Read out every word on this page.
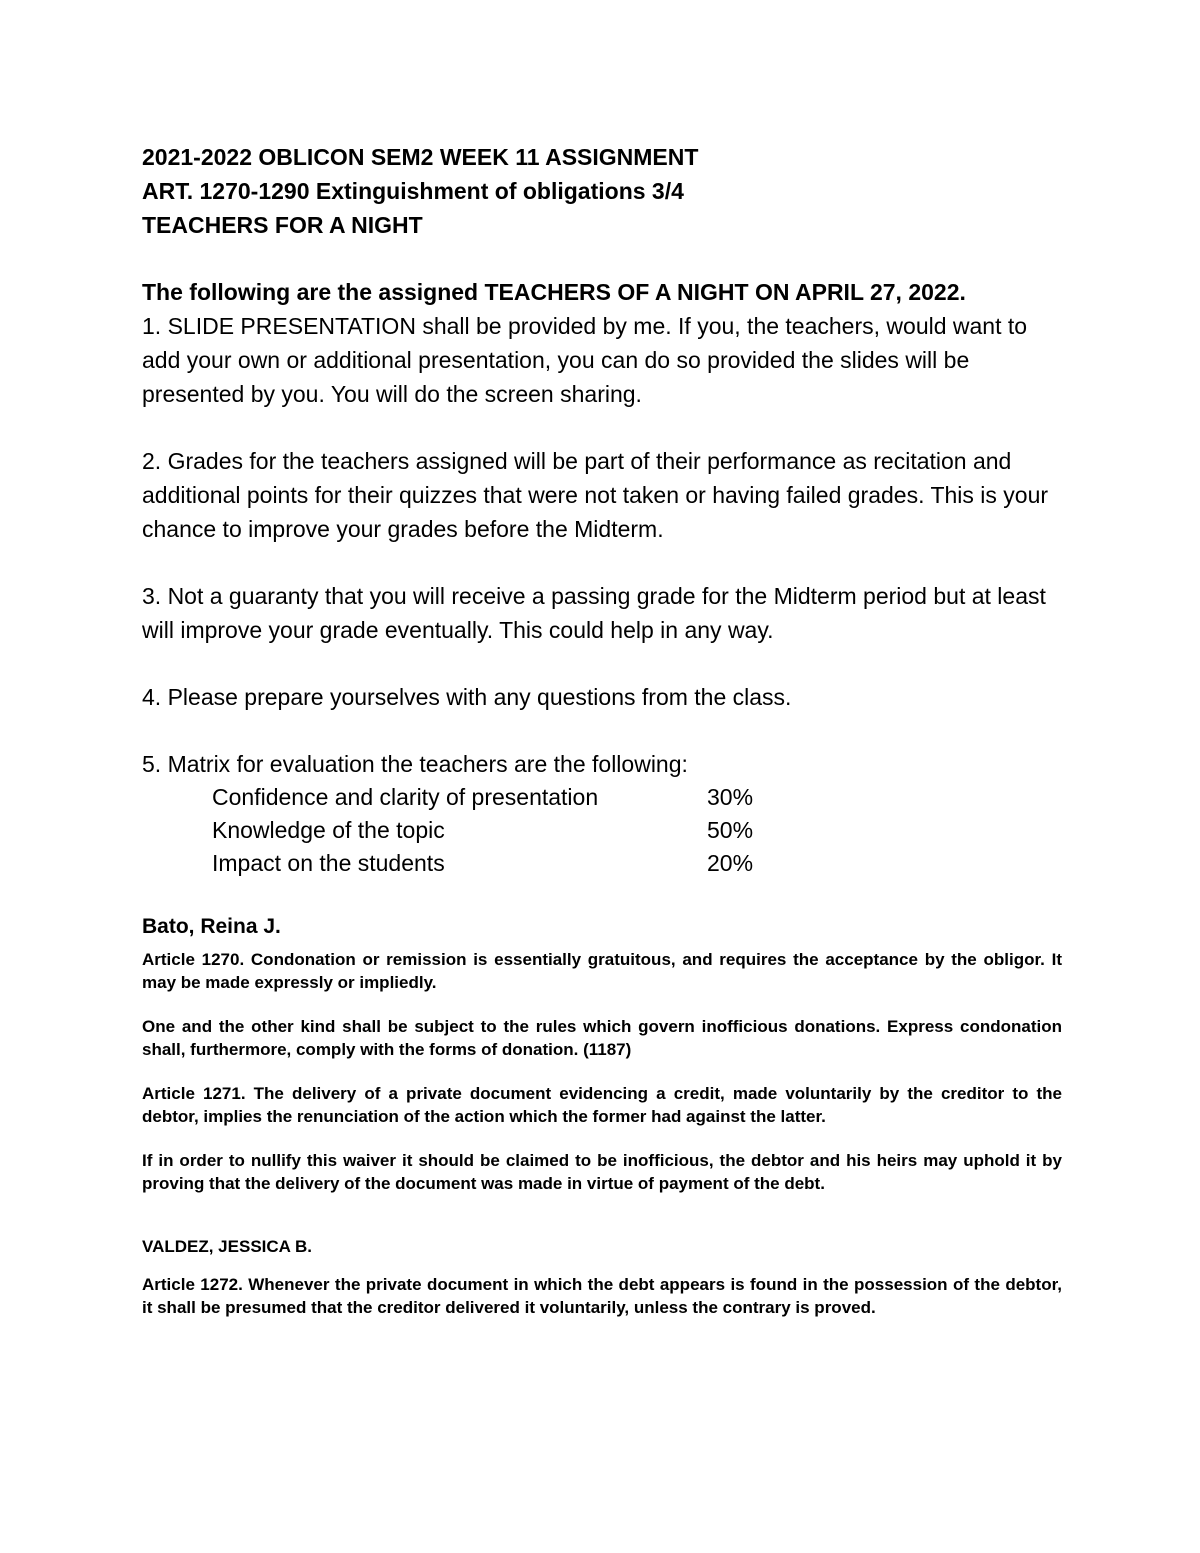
2021-2022 OBLICON SEM2 WEEK 11 ASSIGNMENT

ART. 1270-1290 Extinguishment of obligations 3/4

TEACHERS FOR A NIGHT

The following are the assigned TEACHERS OF A NIGHT ON APRIL 27, 2022.

1. SLIDE PRESENTATION shall be provided by me. If you, the teachers, would want to add your own or additional presentation, you can do so provided the slides will be presented by you. You will do the screen sharing.

2. Grades for the teachers assigned will be part of their performance as recitation and additional points for their quizzes that were not taken or having failed grades. This is your chance to improve your grades before the Midterm.

3. Not a guaranty that you will receive a passing grade for the Midterm period but at least will improve your grade eventually. This could help in any way.

4. Please prepare yourselves with any questions from the class.

5. Matrix for evaluation the teachers are the following:

Confidence and clarity of presentation	30%
Knowledge of the topic	50%
Impact on the students	20%

Bato, Reina J.

Article 1270. Condonation or remission is essentially gratuitous, and requires the acceptance by the obligor. It may be made expressly or impliedly.

One and the other kind shall be subject to the rules which govern inofficious donations. Express condonation shall, furthermore, comply with the forms of donation. (1187)

Article 1271. The delivery of a private document evidencing a credit, made voluntarily by the creditor to the debtor, implies the renunciation of the action which the former had against the latter.

If in order to nullify this waiver it should be claimed to be inofficious, the debtor and his heirs may uphold it by proving that the delivery of the document was made in virtue of payment of the debt.

VALDEZ, JESSICA B.

Article 1272. Whenever the private document in which the debt appears is found in the possession of the debtor, it shall be presumed that the creditor delivered it voluntarily, unless the contrary is proved.
